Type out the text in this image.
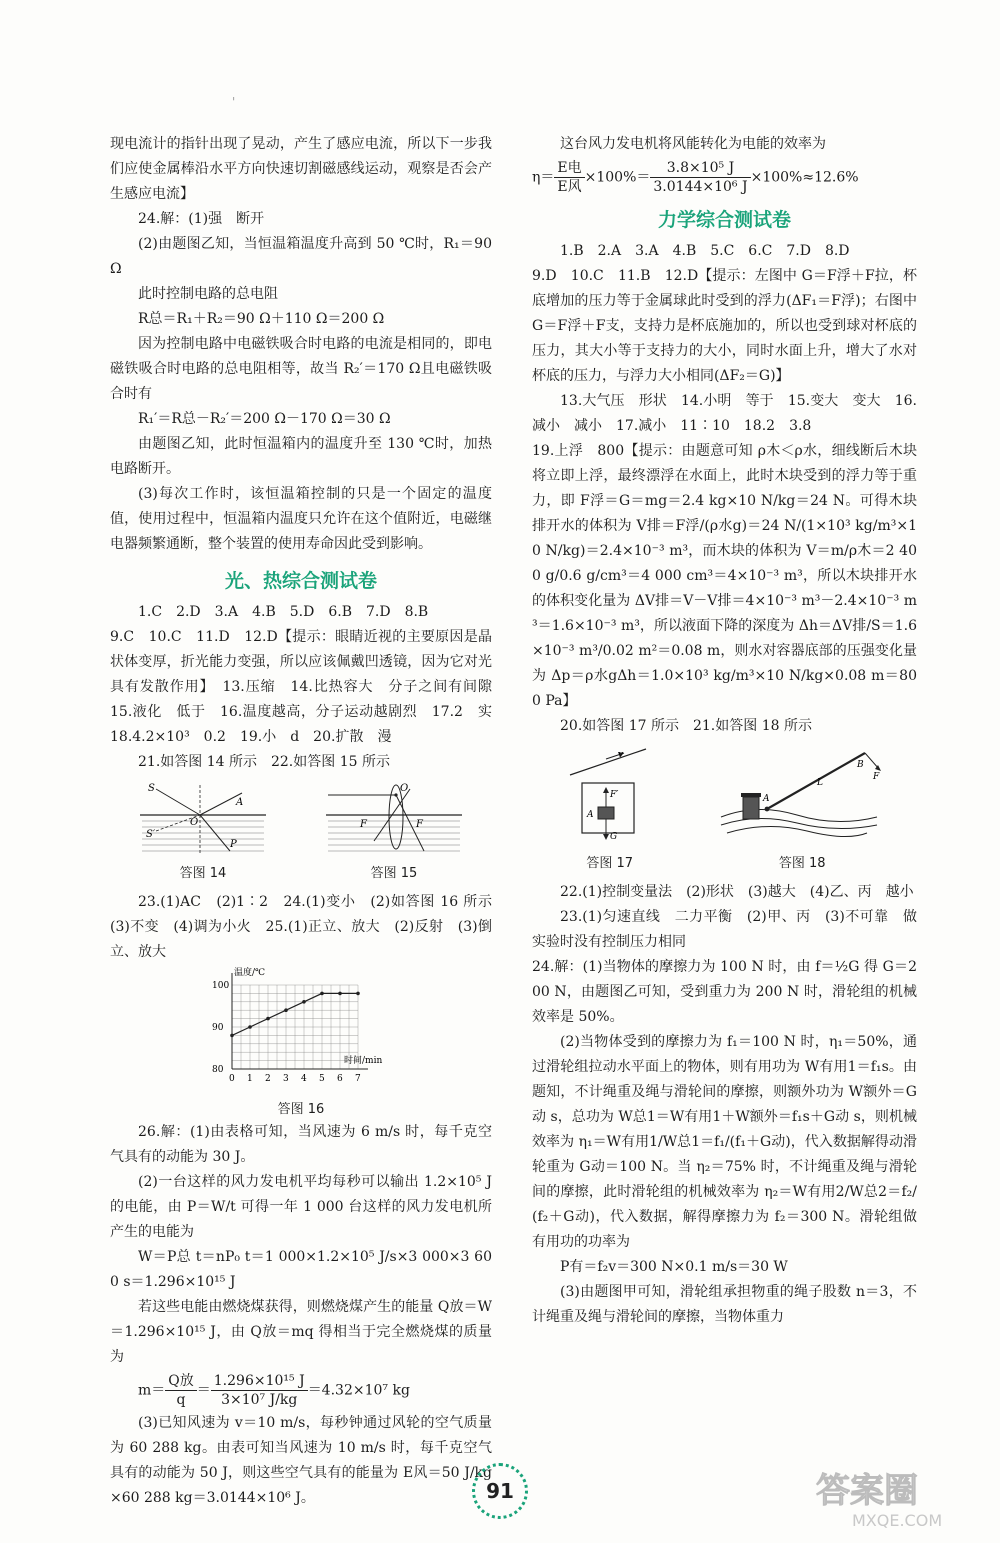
现电流计的指针出现了晃动，产生了感应电流，所以下一步我们应使金属棒沿水平方向快速切割磁感线运动，观察是否会产生感应电流】

24.解：(1)强　断开

(2)由题图乙知，当恒温箱温度升高到 50 ℃时，R₁＝90 Ω

此时控制电路的总电阻

R总＝R₁＋R₂＝90 Ω＋110 Ω＝200 Ω

因为控制电路中电磁铁吸合时电路的电流是相同的，即电磁铁吸合时电路的总电阻相等，故当 R₂′＝170 Ω且电磁铁吸合时有

R₁′＝R总－R₂′＝200 Ω－170 Ω＝30 Ω

由题图乙知，此时恒温箱内的温度升至 130 ℃时，加热电路断开。

(3)每次工作时，该恒温箱控制的只是一个固定的温度值，使用过程中，恒温箱内温度只允许在这个值附近，电磁继电器频繁通断，整个装置的使用寿命因此受到影响。

光、热综合测试卷

1.C　2.D　3.A　4.B　5.D　6.B　7.D　8.B

9.C　10.C　11.D　12.D【提示：眼睛近视的主要原因是晶状体变厚，折光能力变强，所以应该佩戴凹透镜，因为它对光具有发散作用】　13.压缩　14.比热容大　分子之间有间隙　15.液化　低于　16.温度越高，分子运动越剧烈　17.2　实　18.4.2×10³　0.2　19.小　d　20.扩散　漫

21.如答图 14 所示　22.如答图 15 所示

S
A
O
S′
P
答图 14
O
F	F
答图 15

23.(1)AC　(2)1∶2　24.(1)变小　(2)如答图 16 所示　(3)不变　(4)调为小火　25.(1)正立、放大　(2)反射　(3)倒立、放大

温度/℃
时间/min
0 1 2 3 4 5 6 7
80
90
100
答图 16

26.解：(1)由表格可知，当风速为 6 m/s 时，每千克空气具有的动能为 30 J。

(2)一台这样的风力发电机平均每秒可以输出 1.2×10⁵ J 的电能，由 P＝W/t 可得一年 1 000 台这样的风力发电机所产生的电能为

W＝P总 t＝nP₀ t＝1 000×1.2×10⁵ J/s×3 000×3 600 s＝1.296×10¹⁵ J

若这些电能由燃烧煤获得，则燃烧煤产生的能量 Q放＝W＝1.296×10¹⁵ J，由 Q放＝mq 得相当于完全燃烧煤的质量为

$m= \frac{\text{Q放}}{q} = \frac{\text{1.296×10¹⁵ J}}{\text{3×10⁷ J/kg}} =4.32\times 10^7$ kg

(3)已知风速为 v＝10 m/s，每秒钟通过风轮的空气质量为 60 288 kg。由表可知当风速为 10 m/s 时，每千克空气具有的动能为 50 J，则这些空气具有的能量为 E风＝50 J/kg×60 288 kg＝3.0144×10⁶ J。

这台风力发电机将风能转化为电能的效率为

$\eta= \frac{\text{E电}}{\text{E风}} \times 100\%= \frac{\text{3.8×10⁵ J}}{\text{3.0144×10⁶ J}} \times 100\%\approx 12.6\%$
力学综合测试卷

1.B　2.A　3.A　4.B　5.C　6.C　7.D　8.D

9.D　10.C　11.B　12.D【提示：左图中 G＝F浮＋F拉，杯底增加的压力等于金属球此时受到的浮力(ΔF₁＝F浮)；右图中 G＝F浮＋F支，支持力是杯底施加的，所以也受到球对杯底的压力，其大小等于支持力的大小，同时水面上升，增大了水对杯底的压力，与浮力大小相同(ΔF₂＝G)】

13.大气压　形状　14.小明　等于　15.变大　变大　16.减小　减小　17.减小　11∶10　18.2　3.8

19.上浮　800【提示：由题意可知 ρ木＜ρ水，细线断后木块将立即上浮，最终漂浮在水面上，此时木块受到的浮力等于重力，即 F浮＝G＝mg＝2.4 kg×10 N/kg＝24 N。可得木块排开水的体积为 V排＝F浮/(ρ水g)＝24 N/(1×10³ kg/m³×10 N/kg)＝2.4×10⁻³ m³，而木块的体积为 V＝m/ρ木＝2 400 g/0.6 g/cm³＝4 000 cm³＝4×10⁻³ m³，所以木块排开水的体积变化量为 ΔV排＝V－V排＝4×10⁻³ m³－2.4×10⁻³ m³＝1.6×10⁻³ m³，所以液面下降的深度为 Δh＝ΔV排/S＝1.6×10⁻³ m³/0.02 m²＝0.08 m，则水对容器底部的压强变化量为 Δp＝ρ水gΔh＝1.0×10³ kg/m³×10 N/kg×0.08 m＝800 Pa】

20.如答图 17 所示　21.如答图 18 所示

v
F′
A
G
答图 17
A
L
B
F
答图 18

22.(1)控制变量法　(2)形状　(3)越大　(4)乙、丙　越小

23.(1)匀速直线　二力平衡　(2)甲、丙　(3)不可靠　做实验时没有控制压力相同

24.解：(1)当物体的摩擦力为 100 N 时，由 f＝½G 得 G＝200 N，由题图乙可知，受到重力为 200 N 时，滑轮组的机械效率是 50%。

(2)当物体受到的摩擦力为 f₁＝100 N 时，η₁＝50%，通过滑轮组拉动水平面上的物体，则有用功为 W有用1＝f₁s。由题知，不计绳重及绳与滑轮间的摩擦，则额外功为 W额外＝G动 s，总功为 W总1＝W有用1＋W额外＝f₁s＋G动 s，则机械效率为 η₁＝W有用1/W总1＝f₁/(f₁＋G动)，代入数据解得动滑轮重为 G动＝100 N。当 η₂＝75% 时，不计绳重及绳与滑轮间的摩擦，此时滑轮组的机械效率为 η₂＝W有用2/W总2＝f₂/(f₂＋G动)，代入数据，解得摩擦力为 f₂＝300 N。滑轮组做有用功的功率为

P有＝f₂v＝300 N×0.1 m/s＝30 W

(3)由题图甲可知，滑轮组承担物重的绳子股数 n＝3，不计绳重及绳与滑轮间的摩擦，当物体重力

'
91	答案圈
MXQE.COM
